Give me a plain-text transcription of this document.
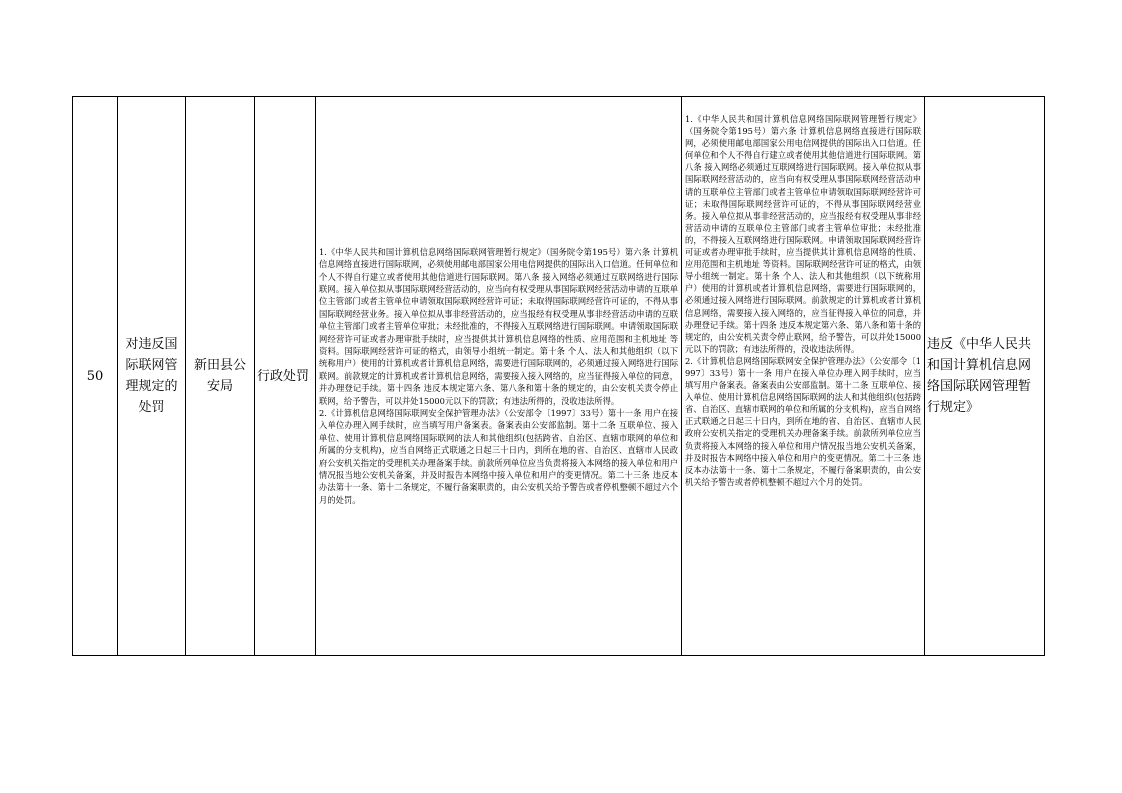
50

对违反国际联网管理规定的处罚

新田县公安局

行政处罚

1.《中华人民共和国计算机信息网络国际联网管理暂行规定》（国务院令第195号）第六条 计算机信息网络直接进行国际联网，必须使用邮电部国家公用电信网提供的国际出入口信道。任何单位和个人不得自行建立或者使用其他信道进行国际联网。第八条 接入网络必须通过互联网络进行国际联网。接入单位拟从事国际联网经营活动的，应当向有权受理从事国际联网经营活动申请的互联单位主管部门或者主管单位申请领取国际联网经营许可证；未取得国际联网经营许可证的，不得从事国际联网经营业务。接入单位拟从事非经营活动的，应当报经有权受理从事非经营活动申请的互联单位主管部门或者主管单位审批；未经批准的，不得接入互联网络进行国际联网。申请领取国际联网经营许可证或者办理审批手续时，应当提供其计算机信息网络的性质、应用范围和主机地址 等资料。国际联网经营许可证的格式，由领导小组统一制定。第十条 个人、法人和其他组织（以下统称用户）使用的计算机或者计算机信息网络，需要进行国际联网的，必须通过接入网络进行国际联网。前款规定的计算机或者计算机信息网络，需要接入接入网络的，应当征得接入单位的同意，并办理登记手续。第十四条 违反本规定第六条、第八条和第十条的规定的，由公安机关责令停止联网，给予警告，可以并处15000元以下的罚款；有违法所得的，没收违法所得。
2.《计算机信息网络国际联网安全保护管理办法》（公安部令〔1997〕33号）第十一条 用户在接入单位办理入网手续时，应当填写用户备案表。备案表由公安部监制。第十二条 互联单位、接入单位、使用计算机信息网络国际联网的法人和其他组织(包括跨省、自治区、直辖市联网的单位和所属的分支机构)，应当自网络正式联通之日起三十日内，到所在地的省、自治区、直辖市人民政府公安机关指定的受理机关办理备案手续。前款所列单位应当负责将接入本网络的接入单位和用户情况报当地公安机关备案，并及时报告本网络中接入单位和用户的变更情况。第二十三条 违反本办法第十一条、第十二条规定，不履行备案职责的，由公安机关给予警告或者停机整顿不超过六个月的处罚。

1.《中华人民共和国计算机信息网络国际联网管理暂行规定》（国务院令第195号）第六条 计算机信息网络直接进行国际联网，必须使用邮电部国家公用电信网提供的国际出入口信道。任何单位和个人不得自行建立或者使用其他信道进行国际联网。第八条 接入网络必须通过互联网络进行国际联网。接入单位拟从事国际联网经营活动的，应当向有权受理从事国际联网经营活动申请的互联单位主管部门或者主管单位申请领取国际联网经营许可证；未取得国际联网经营许可证的，不得从事国际联网经营业务。接入单位拟从事非经营活动的，应当报经有权受理从事非经营活动申请的互联单位主管部门或者主管单位审批；未经批准的，不得接入互联网络进行国际联网。申请领取国际联网经营许可证或者办理审批手续时，应当提供其计算机信息网络的性质、应用范围和主机地址 等资料。国际联网经营许可证的格式，由领导小组统一制定。第十条 个人、法人和其他组织（以下统称用户）使用的计算机或者计算机信息网络，需要进行国际联网的，必须通过接入网络进行国际联网。前款规定的计算机或者计算机信息网络，需要接入接入网络的，应当征得接入单位的同意，并办理登记手续。第十四条 违反本规定第六条、第八条和第十条的规定的，由公安机关责令停止联网，给予警告，可以并处15000元以下的罚款；有违法所得的，没收违法所得。
2.《计算机信息网络国际联网安全保护管理办法》（公安部令〔1997〕33号）第十一条 用户在接入单位办理入网手续时，应当填写用户备案表。备案表由公安部监制。第十二条 互联单位、接入单位、使用计算机信息网络国际联网的法人和其他组织(包括跨省、自治区、直辖市联网的单位和所属的分支机构)，应当自网络正式联通之日起三十日内，到所在地的省、自治区、直辖市人民政府公安机关指定的受理机关办理备案手续。前款所列单位应当负责将接入本网络的接入单位和用户情况报当地公安机关备案，并及时报告本网络中接入单位和用户的变更情况。第二十三条 违反本办法第十一条、第十二条规定，不履行备案职责的，由公安机关给予警告或者停机整顿不超过六个月的处罚。

违反《中华人民共和国计算机信息网络国际联网管理暂行规定》
